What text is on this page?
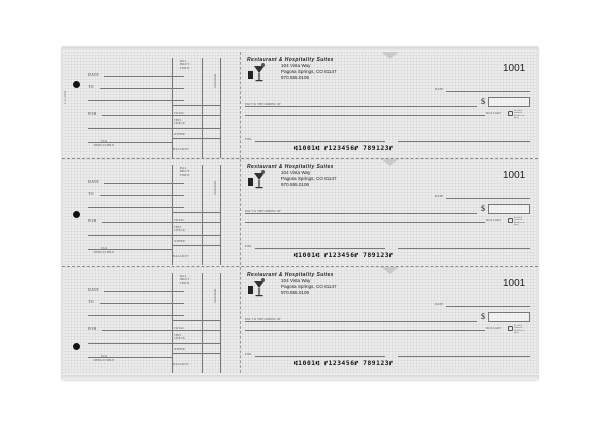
DATE
TO
FOR
TAX DEDUCTIBLE
BAL BRO'T FOR'D
DEPOSITS
TOTAL
THIS CHECK
OTHER
BALANCE
Restaurant & Hospitality Suites
104 Vista Way
Pagosa Springs, CO 81147
970.555.0106
1001
DATE
PAY TO THE ORDER OF	$
DOLLARS	Security features. Details on back.
FOR
⑆1001⑆ ⑈123456⑈ 789123⑈
DATE
TO
FOR
TAX DEDUCTIBLE
BAL BRO'T FOR'D
DEPOSITS
TOTAL
THIS CHECK
OTHER
BALANCE
Restaurant & Hospitality Suites
104 Vista Way
Pagosa Springs, CO 81147
970.555.0106
1001
DATE
PAY TO THE ORDER OF	$
DOLLARS	Security features. Details on back.
FOR
⑆1001⑆ ⑈123456⑈ 789123⑈
DATE
TO
FOR
TAX DEDUCTIBLE
BAL BRO'T FOR'D
DEPOSITS
TOTAL
THIS CHECK
OTHER
BALANCE
Restaurant & Hospitality Suites
104 Vista Way
Pagosa Springs, CO 81147
970.555.0106
1001
DATE
PAY TO THE ORDER OF	$
DOLLARS	Security features. Details on back.
FOR
⑆1001⑆ ⑈123456⑈ 789123⑈
1-3 | 2024
